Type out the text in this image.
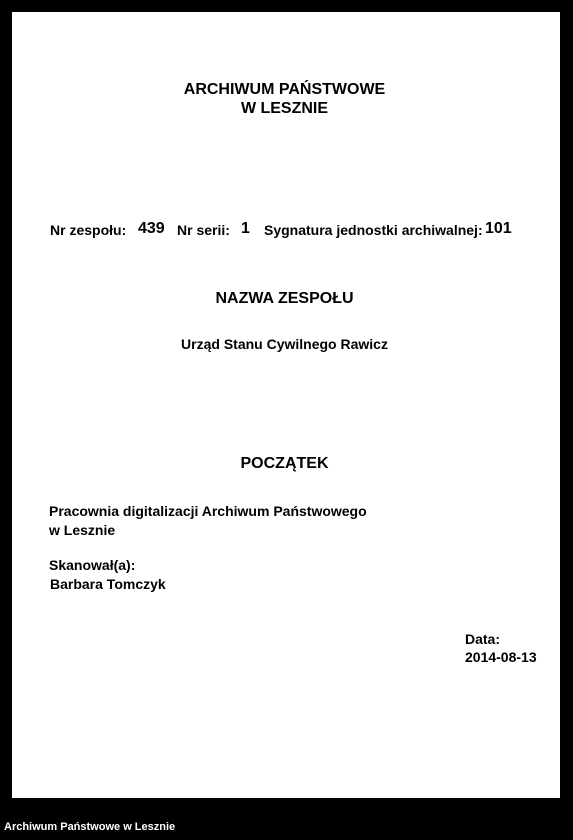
ARCHIWUM PAŃSTWOWE
W LESZNIE
Nr zespołu: 439 Nr serii: 1 Sygnatura jednostki archiwalnej: 101
NAZWA ZESPOŁU
Urząd Stanu Cywilnego Rawicz
POCZĄTEK
Pracownia digitalizacji Archiwum Państwowego
w Lesznie
Skanował(a):
Barbara Tomczyk
Data:
2014-08-13
Archiwum Państwowe w Lesznie
